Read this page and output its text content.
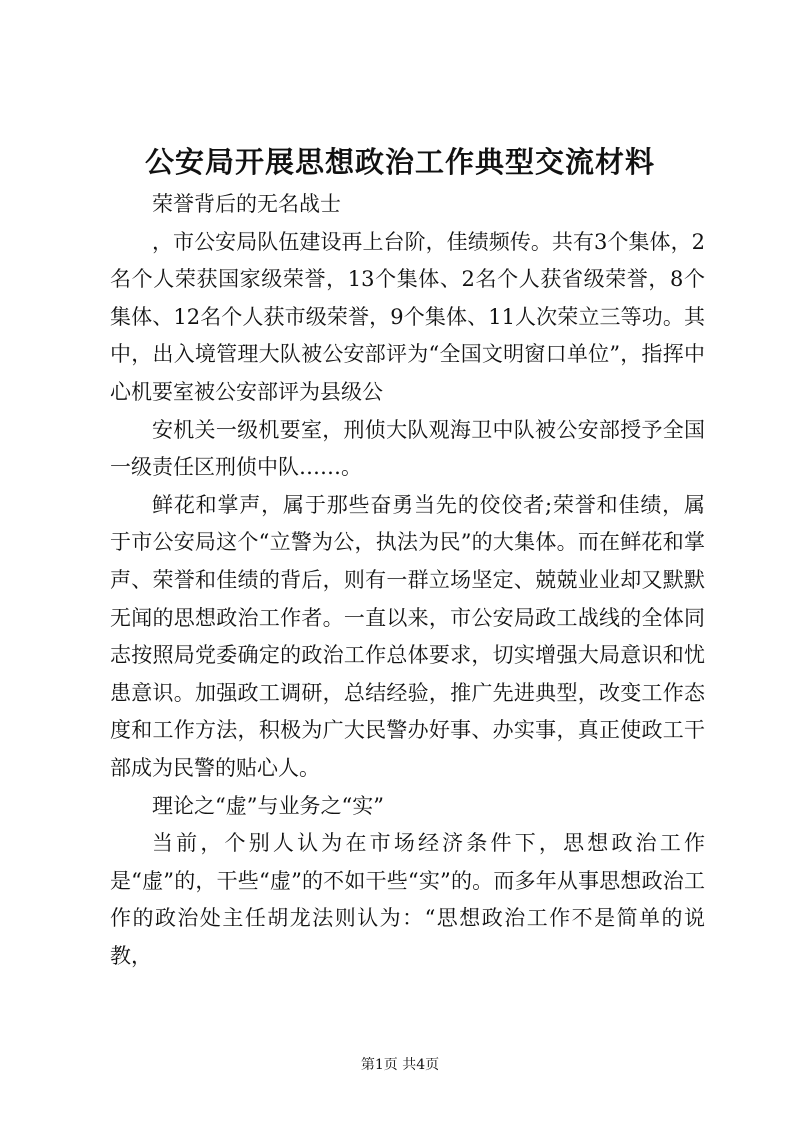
公安局开展思想政治工作典型交流材料

荣誉背后的无名战士

，市公安局队伍建设再上台阶，佳绩频传。共有3个集体，2名个人荣获国家级荣誉，13个集体、2名个人获省级荣誉，8个集体、12名个人获市级荣誉，9个集体、11人次荣立三等功。其中，出入境管理大队被公安部评为“全国文明窗口单位”，指挥中心机要室被公安部评为县级公

安机关一级机要室，刑侦大队观海卫中队被公安部授予全国一级责任区刑侦中队……。

鲜花和掌声，属于那些奋勇当先的佼佼者;荣誉和佳绩，属于市公安局这个“立警为公，执法为民”的大集体。而在鲜花和掌声、荣誉和佳绩的背后，则有一群立场坚定、兢兢业业却又默默无闻的思想政治工作者。一直以来，市公安局政工战线的全体同志按照局党委确定的政治工作总体要求，切实增强大局意识和忧患意识。加强政工调研，总结经验，推广先进典型，改变工作态度和工作方法，积极为广大民警办好事、办实事，真正使政工干部成为民警的贴心人。

理论之“虚”与业务之“实”

当前，个别人认为在市场经济条件下，思想政治工作是“虚”的，干些“虚”的不如干些“实”的。而多年从事思想政治工作的政治处主任胡龙法则认为：“思想政治工作不是简单的说教，

第1页 共4页
